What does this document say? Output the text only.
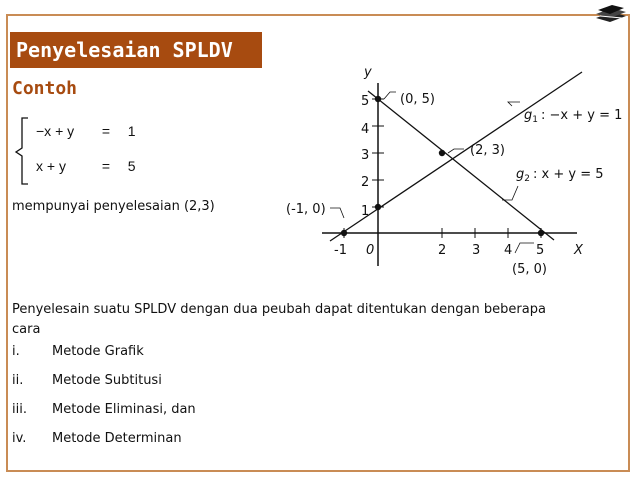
Penyelesaian SPLDV
Contoh
−x + y = 1
x + y	= 5
mempunyai penyelesaian (2,3)
X
y
0
5
4
3
2
1
-1	2 3 4 5
(0, 5)
(2, 3)
(-1, 0)
(5, 0)
$g_1$ : −x + y = 1
$g_2$ : x + y = 5
Penyelesain suatu SPLDV dengan dua peubah dapat ditentukan dengan beberapa cara
i. Metode Grafik
ii. Metode Subtitusi
iii. Metode Eliminasi, dan
iv. Metode Determinan
